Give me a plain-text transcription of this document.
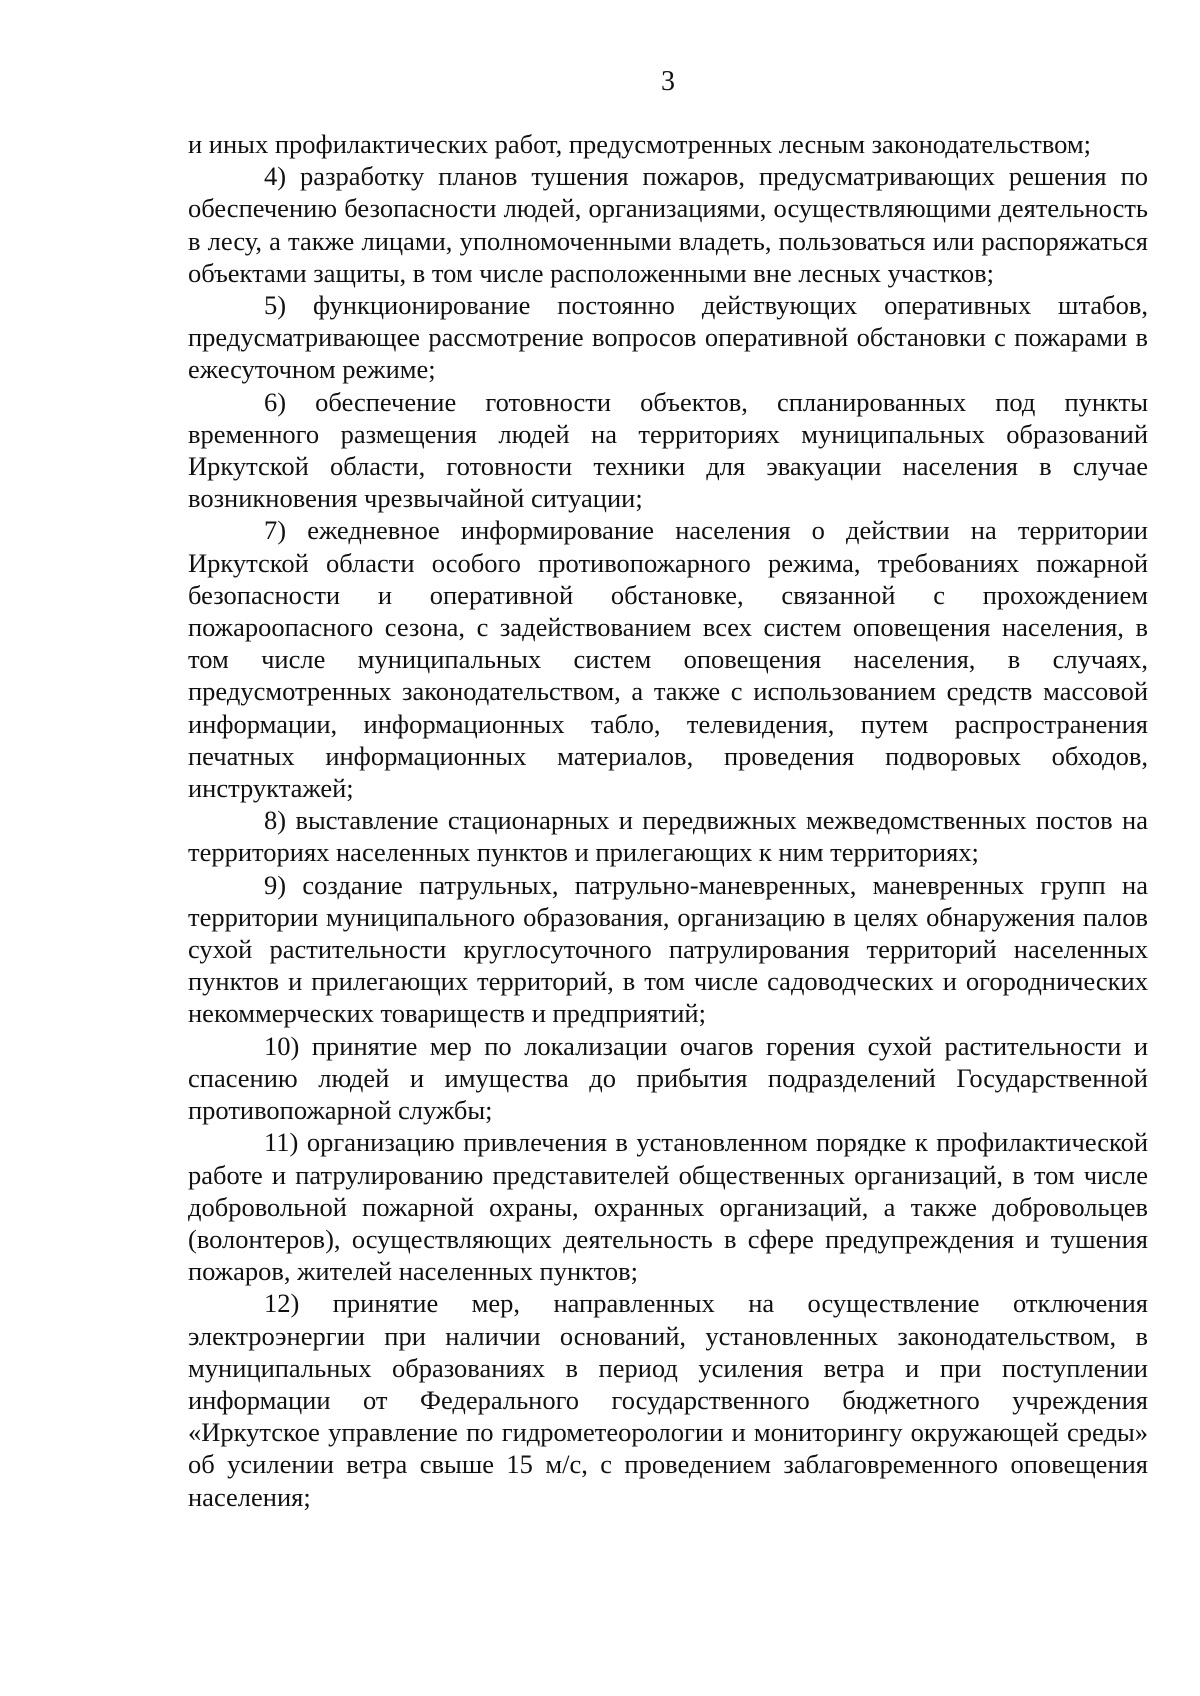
3

и иных профилактических работ, предусмотренных лесным законодательством;

4) разработку планов тушения пожаров, предусматривающих решения по обеспечению безопасности людей, организациями, осуществляющими деятельность в лесу, а также лицами, уполномоченными владеть, пользоваться или распоряжаться объектами защиты, в том числе расположенными вне лесных участков;

5) функционирование постоянно действующих оперативных штабов, предусматривающее рассмотрение вопросов оперативной обстановки с пожарами в ежесуточном режиме;

6) обеспечение готовности объектов, спланированных под пункты временного размещения людей на территориях муниципальных образований Иркутской области, готовности техники для эвакуации населения в случае возникновения чрезвычайной ситуации;

7) ежедневное информирование населения о действии на территории Иркутской области особого противопожарного режима, требованиях пожарной безопасности и оперативной обстановке, связанной с прохождением пожароопасного сезона, с задействованием всех систем оповещения населения, в том числе муниципальных систем оповещения населения, в случаях, предусмотренных законодательством, а также с использованием средств массовой информации, информационных табло, телевидения, путем распространения печатных информационных материалов, проведения подворовых обходов, инструктажей;

8) выставление стационарных и передвижных межведомственных постов на территориях населенных пунктов и прилегающих к ним территориях;

9) создание патрульных, патрульно-маневренных, маневренных групп на территории муниципального образования, организацию в целях обнаружения палов сухой растительности круглосуточного патрулирования территорий населенных пунктов и прилегающих территорий, в том числе садоводческих и огороднических некоммерческих товариществ и предприятий;

10) принятие мер по локализации очагов горения сухой растительности и спасению людей и имущества до прибытия подразделений Государственной противопожарной службы;

11) организацию привлечения в установленном порядке к профилактической работе и патрулированию представителей общественных организаций, в том числе добровольной пожарной охраны, охранных организаций, а также добровольцев (волонтеров), осуществляющих деятельность в сфере предупреждения и тушения пожаров, жителей населенных пунктов;

12) принятие мер, направленных на осуществление отключения электроэнергии при наличии оснований, установленных законодательством, в муниципальных образованиях в период усиления ветра и при поступлении информации от Федерального государственного бюджетного учреждения «Иркутское управление по гидрометеорологии и мониторингу окружающей среды» об усилении ветра свыше 15 м/с, с проведением заблаговременного оповещения населения;
